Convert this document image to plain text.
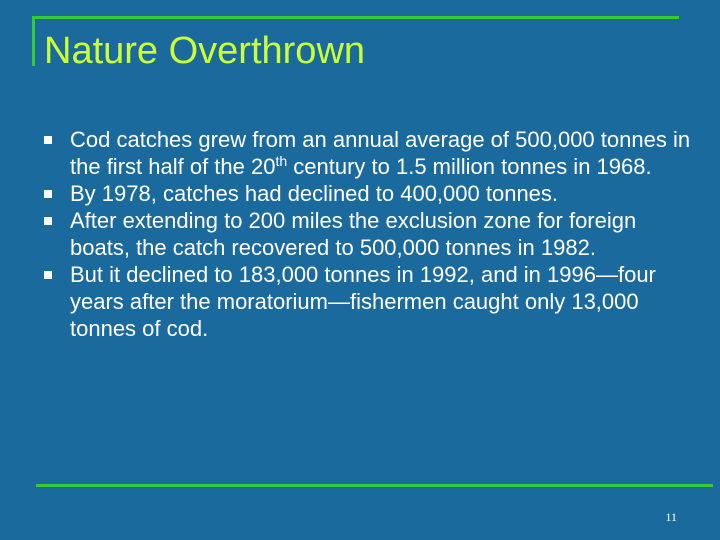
Nature Overthrown
Cod catches grew from an annual average of 500,000 tonnes in the first half of the 20th century to 1.5 million tonnes in 1968.
By 1978, catches had declined to 400,000 tonnes.
After extending to 200 miles the exclusion zone for foreign boats, the catch recovered to 500,000 tonnes in 1982.
But it declined to 183,000 tonnes in 1992, and in 1996—four years after the moratorium—fishermen caught only 13,000 tonnes of cod.
11
